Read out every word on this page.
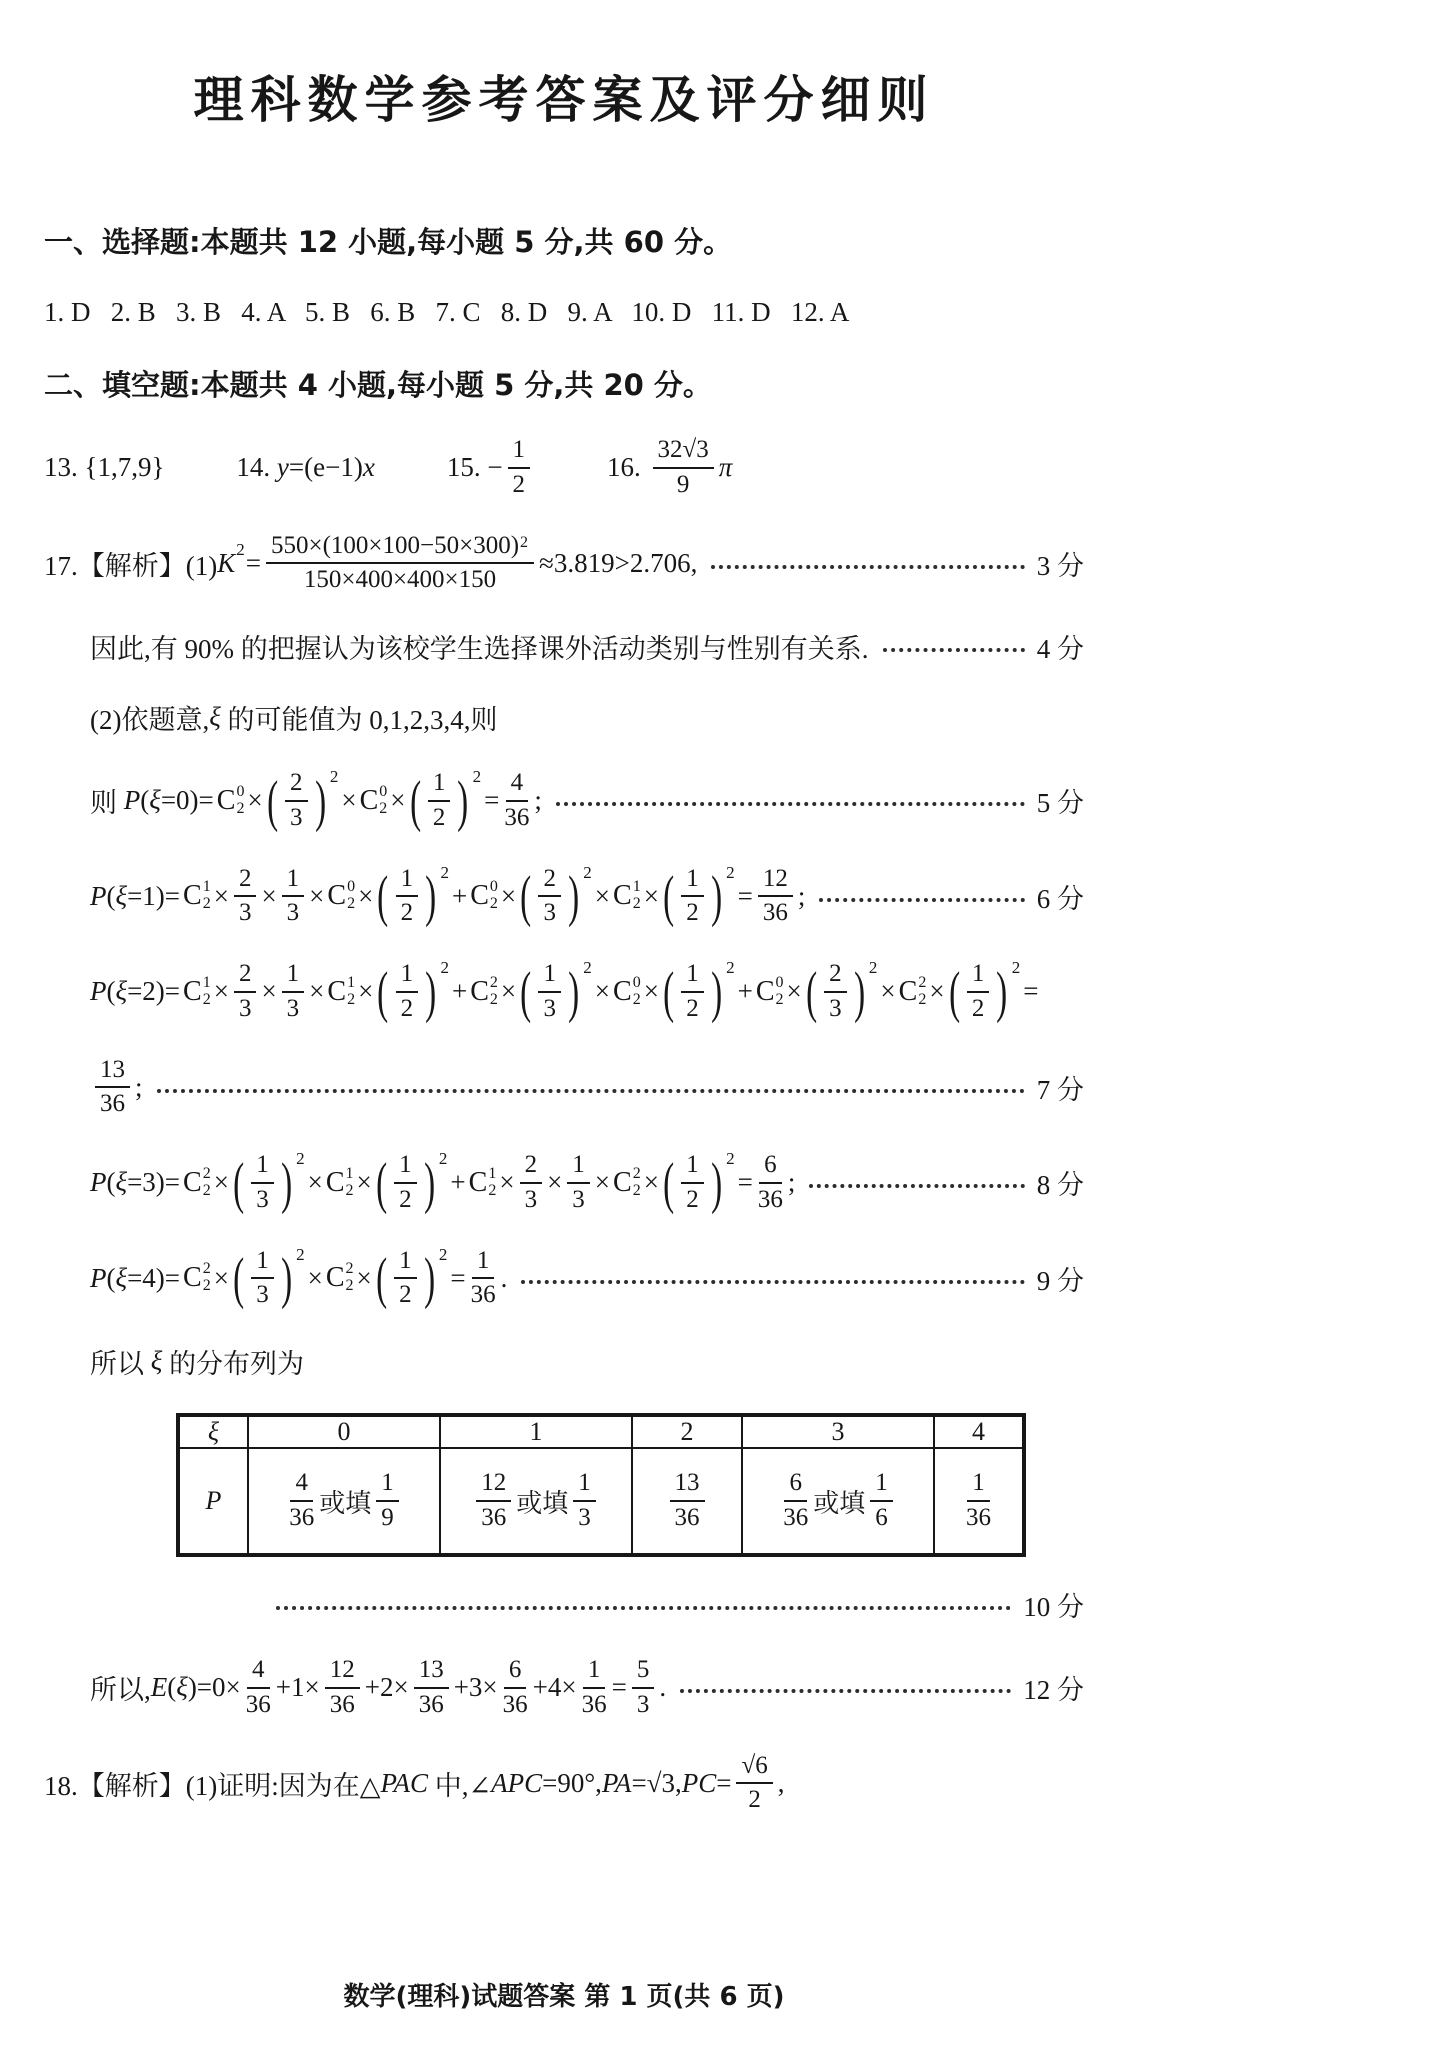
理科数学参考答案及评分细则
一、选择题:本题共 12 小题,每小题 5 分,共 60 分。
1. D   2. B   3. B   4. A   5. B   6. B   7. C   8. D   9. A   10. D   11. D   12. A
二、填空题:本题共 4 小题,每小题 5 分,共 20 分。
13. {1,7,9}	14. y =(e−1) x	15. − $\frac{1}{2}$	16. $\frac{32√3}{9}$ π
17.【解析】(1) K $2 = \frac{550\times(100\times 100-50\times 300)^2}{150\times 400\times 400\times 150} \approx 3.819>2.706$,	3 分
因此,有 90% 的把握认为该校学生选择课外活动类别与性别有关系.	4 分
(2)依题意, ξ 的可能值为 0,1,2,3,4,则
则 P ( ξ =0)= C 0
2 × ( $\frac{2}{3}$ ) 2
× C 0
2 × ( $\frac{1}{2}$ ) 2
= $\frac{4}{36}$ ;	5 分
P ( ξ =1)= C 1
$2 \times \frac{2}{3} \times \frac{1}{3} \times C$ 0
2 × ( $\frac{1}{2}$ ) 2
+ C 0
2 × ( $\frac{2}{3}$ ) 2
× C 1
2 × ( $\frac{1}{2}$ ) 2
= $\frac{12}{36}$ ;	6 分
P ( ξ =2)= C 1
$2 \times \frac{2}{3} \times \frac{1}{3} \times C$ 1
2 × ( $\frac{1}{2}$ ) 2
+ C 2
2 × ( $\frac{1}{3}$ ) 2
× C 0
2 × ( $\frac{1}{2}$ ) 2
+ C 0
2 × ( $\frac{2}{3}$ ) 2
× C 2
2 × ( $\frac{1}{2}$ ) 2
=
$\frac{13}{36}$ ;	7 分
P ( ξ =3)= C 2
2 × ( $\frac{1}{3}$ ) 2
× C 1
2 × ( $\frac{1}{2}$ ) 2
+ C 1
$2 \times \frac{2}{3} \times \frac{1}{3} \times C$ 2
2 × ( $\frac{1}{2}$ ) 2
= $\frac{6}{36}$ ;	8 分
P ( ξ =4)= C 2
2 × ( $\frac{1}{3}$ ) 2
× C 2
2 × ( $\frac{1}{2}$ ) 2
= $\frac{1}{36}$ .	9 分
所以 ξ 的分布列为
ξ	0	1	2	3	4

P	$\frac{4}{36}$ 或填 $\frac{1}{9}$	$\frac{12}{36}$ 或填 $\frac{1}{3}$	$\frac{13}{36}$	$\frac{6}{36}$ 或填 $\frac{1}{6}$	$\frac{1}{36}$
10 分
所以, E ( ξ )= $0\times \frac{4}{36} +1\times \frac{12}{36} +2\times \frac{13}{36} +3\times \frac{6}{36} +4\times \frac{1}{36} = \frac{5}{3}$ .	12 分
18.【解析】(1)证明:因为在△ PAC 中,∠ APC =90°, PA =√3, PC = $\frac{√6}{2}$ ,
数学(理科)试题答案 第 1 页(共 6 页)
